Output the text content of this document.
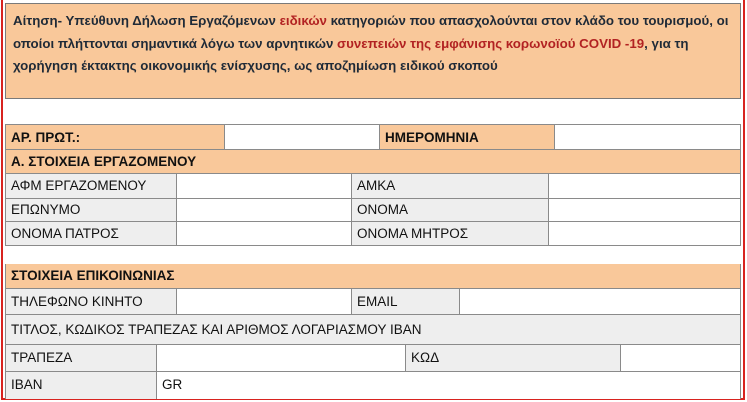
Αίτηση- Υπεύθυνη Δήλωση Εργαζόμενων ειδικών κατηγοριών που απασχολούνται στον κλάδο του τουρισμού, οι οποίοι πλήττονται σημαντικά λόγω των αρνητικών συνεπειών της εμφάνισης κορωνοϊού COVID -19, για τη χορήγηση έκτακτης οικονομικής ενίσχυσης, ως αποζημίωση ειδικού σκοπού
ΑΡ. ΠΡΩΤ.:	ΗΜΕΡΟΜΗΝΙΑ
Α. ΣΤΟΙΧΕΙΑ ΕΡΓΑΖΟΜΕΝΟΥ
ΑΦΜ ΕΡΓΑΖΟΜΕΝΟΥ	ΑΜΚΑ
ΕΠΩΝΥΜΟ	ΟΝΟΜΑ
ΟΝΟΜΑ ΠΑΤΡΟΣ	ΟΝΟΜΑ ΜΗΤΡΟΣ
ΣΤΟΙΧΕΙΑ ΕΠΙΚΟΙΝΩΝΙΑΣ
ΤΗΛΕΦΩΝΟ ΚΙΝΗΤΟ	EMAIL
ΤΙΤΛΟΣ, ΚΩΔΙΚΟΣ ΤΡΑΠΕΖΑΣ ΚΑΙ ΑΡΙΘΜΟΣ ΛΟΓΑΡΙΑΣΜΟΥ IBAN
ΤΡΑΠΕΖΑ	ΚΩΔ
IBAN	GR
